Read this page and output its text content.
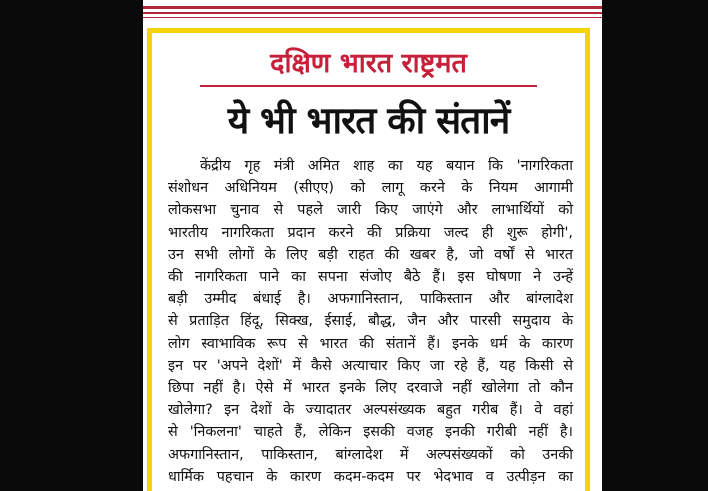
दक्षिण भारत राष्ट्रमत
ये भी भारत की संतानें
केंद्रीय गृह मंत्री अमित शाह का यह बयान कि 'नागरिकता
संशोधन अधिनियम (सीएए) को लागू करने के नियम आगामी
लोकसभा चुनाव से पहले जारी किए जाएंगे और लाभार्थियों को
भारतीय नागरिकता प्रदान करने की प्रक्रिया जल्द ही शुरू होगी',
उन सभी लोगों के लिए बड़ी राहत की खबर है, जो वर्षों से भारत
की नागरिकता पाने का सपना संजोए बैठे हैं। इस घोषणा ने उन्हें
बड़ी उम्मीद बंधाई है। अफगानिस्तान, पाकिस्तान और बांग्लादेश
से प्रताड़ित हिंदू, सिक्ख, ईसाई, बौद्ध, जैन और पारसी समुदाय के
लोग स्वाभाविक रूप से भारत की संतानें हैं। इनके धर्म के कारण
इन पर 'अपने देशों' में कैसे अत्याचार किए जा रहे हैं, यह किसी से
छिपा नहीं है। ऐसे में भारत इनके लिए दरवाजे नहीं खोलेगा तो कौन
खोलेगा? इन देशों के ज्यादातर अल्पसंख्यक बहुत गरीब हैं। वे वहां
से 'निकलना' चाहते हैं, लेकिन इसकी वजह इनकी गरीबी नहीं है।
अफगानिस्तान, पाकिस्तान, बांग्लादेश में अल्पसंख्यकों को उनकी
धार्मिक पहचान के कारण कदम-कदम पर भेदभाव व उत्पीड़न का
